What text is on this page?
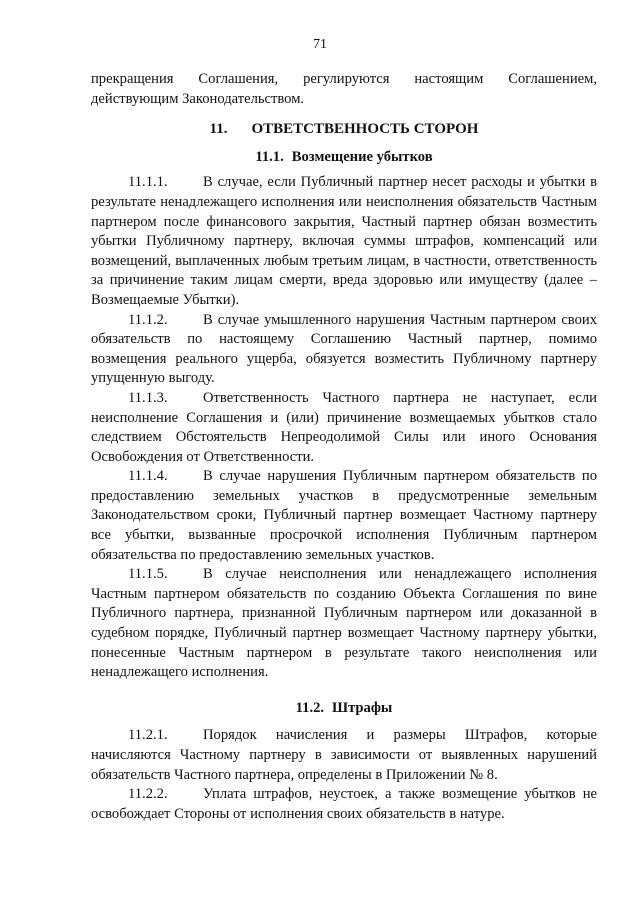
71

прекращения Соглашения, регулируются настоящим Соглашением, действующим Законодательством.

11. ОТВЕТСТВЕННОСТЬ СТОРОН
11.1. Возмещение убытков

11.1.1. В случае, если Публичный партнер несет расходы и убытки в результате ненадлежащего исполнения или неисполнения обязательств Частным партнером после финансового закрытия, Частный партнер обязан возместить убытки Публичному партнеру, включая суммы штрафов, компенсаций или возмещений, выплаченных любым третьим лицам, в частности, ответственность за причинение таким лицам смерти, вреда здоровью или имуществу (далее – Возмещаемые Убытки).

11.1.2. В случае умышленного нарушения Частным партнером своих обязательств по настоящему Соглашению Частный партнер, помимо возмещения реального ущерба, обязуется возместить Публичному партнеру упущенную выгоду.

11.1.3. Ответственность Частного партнера не наступает, если неисполнение Соглашения и (или) причинение возмещаемых убытков стало следствием Обстоятельств Непреодолимой Силы или иного Основания Освобождения от Ответственности.

11.1.4. В случае нарушения Публичным партнером обязательств по предоставлению земельных участков в предусмотренные земельным Законодательством сроки, Публичный партнер возмещает Частному партнеру все убытки, вызванные просрочкой исполнения Публичным партнером обязательства по предоставлению земельных участков.

11.1.5. В случае неисполнения или ненадлежащего исполнения Частным партнером обязательств по созданию Объекта Соглашения по вине Публичного партнера, признанной Публичным партнером или доказанной в судебном порядке, Публичный партнер возмещает Частному партнеру убытки, понесенные Частным партнером в результате такого неисполнения или ненадлежащего исполнения.

11.2. Штрафы

11.2.1. Порядок начисления и размеры Штрафов, которые начисляются Частному партнеру в зависимости от выявленных нарушений обязательств Частного партнера, определены в Приложении № 8.

11.2.2. Уплата штрафов, неустоек, а также возмещение убытков не освобождает Стороны от исполнения своих обязательств в натуре.
